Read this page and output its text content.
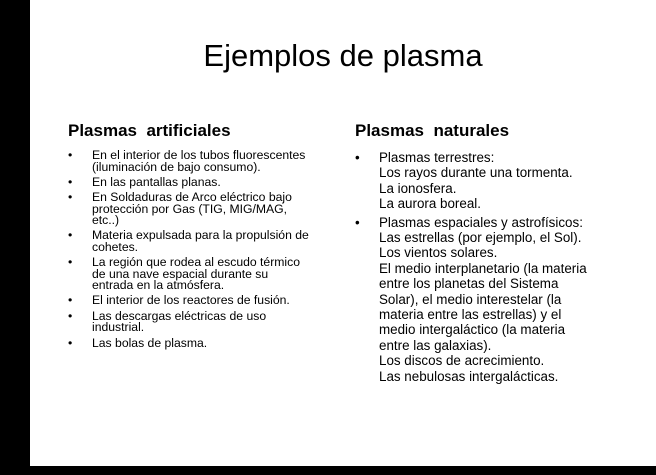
Ejemplos de plasma
Plasmas  artificiales
• En el interior de los tubos fluorescentes
(iluminación de bajo consumo).
• En las pantallas planas.
• En Soldaduras de Arco eléctrico bajo
protección por Gas (TIG, MIG/MAG,
etc..)
• Materia expulsada para la propulsión de
cohetes.
• La región que rodea al escudo térmico
de una nave espacial durante su
entrada en la atmósfera.
• El interior de los reactores de fusión.
• Las descargas eléctricas de uso
industrial.
• Las bolas de plasma.
Plasmas  naturales
• Plasmas terrestres:
Los rayos durante una tormenta.
La ionosfera.
La aurora boreal.
• Plasmas espaciales y astrofísicos:
Las estrellas (por ejemplo, el Sol).
Los vientos solares.
El medio interplanetario (la materia
entre los planetas del Sistema
Solar), el medio interestelar (la
materia entre las estrellas) y el
medio intergaláctico (la materia
entre las galaxias).
Los discos de acrecimiento.
Las nebulosas intergalácticas.
